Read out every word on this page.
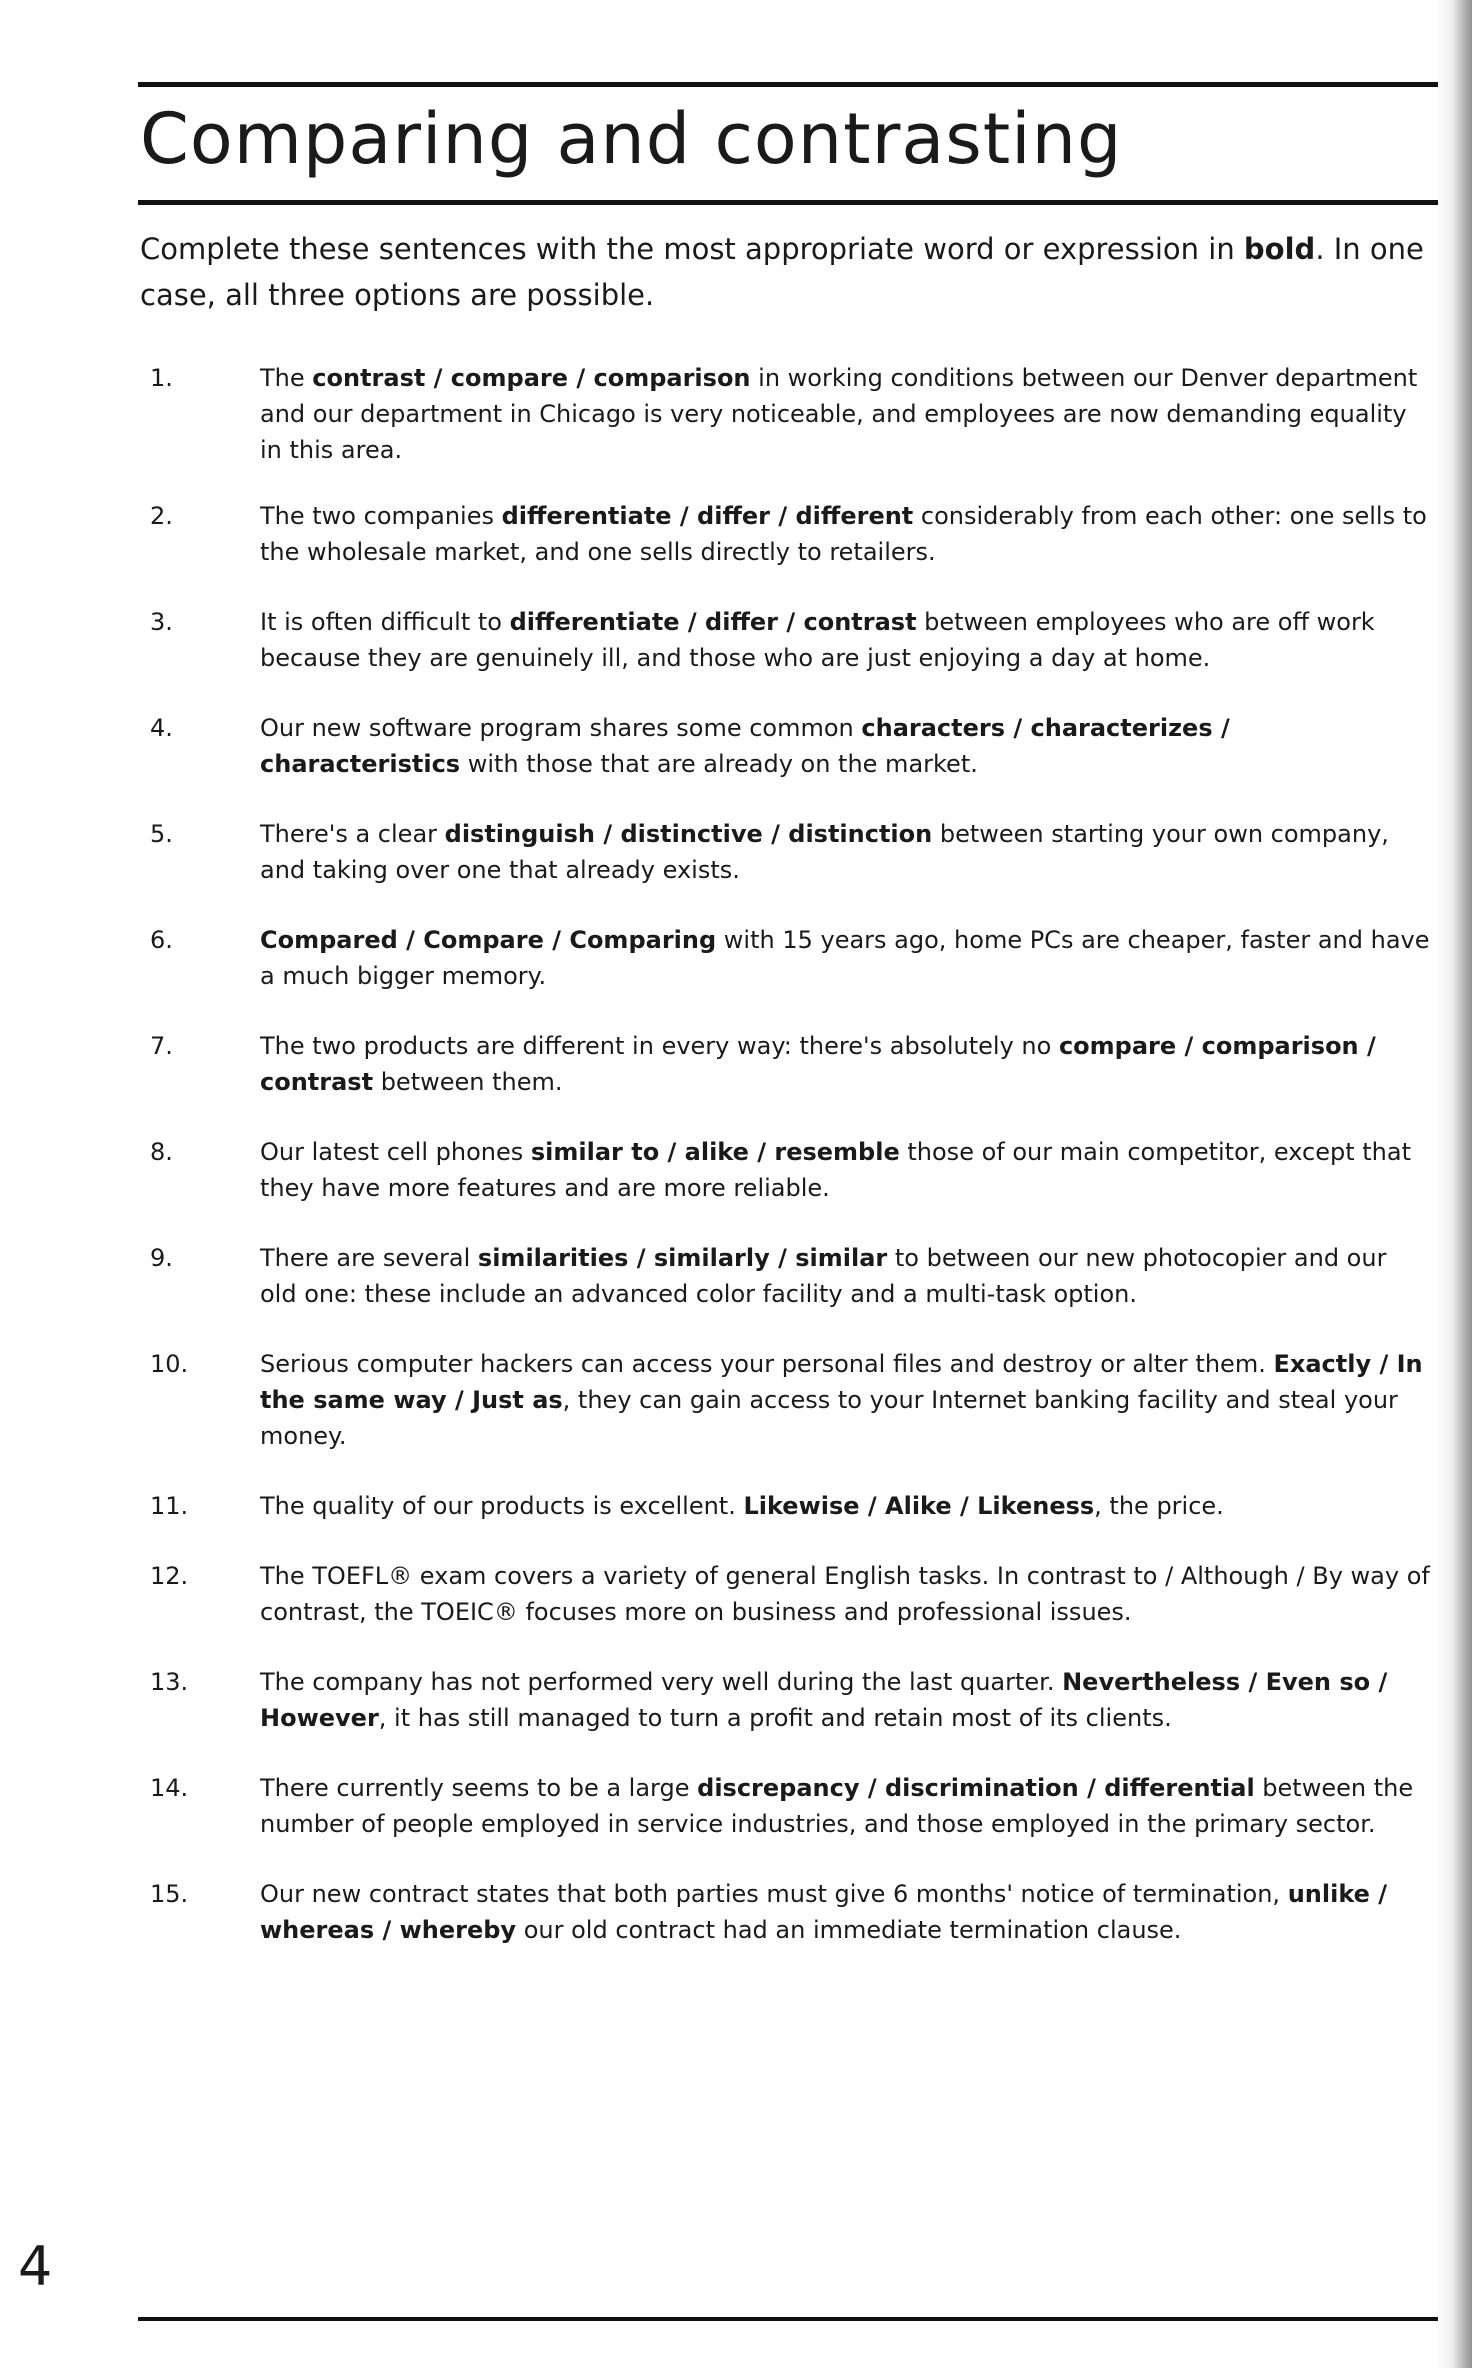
Comparing and contrasting

Complete these sentences with the most appropriate word or expression in bold. In one case, all three options are possible.

1.	The contrast / compare / comparison in working conditions between our Denver department and our department in Chicago is very noticeable, and employees are now demanding equality in this area.
2.	The two companies differentiate / differ / different considerably from each other: one sells to the wholesale market, and one sells directly to retailers.
3.	It is often difficult to differentiate / differ / contrast between employees who are off work because they are genuinely ill, and those who are just enjoying a day at home.
4.	Our new software program shares some common characters / characterizes / characteristics with those that are already on the market.
5.	There's a clear distinguish / distinctive / distinction between starting your own company, and taking over one that already exists.
6.	Compared / Compare / Comparing with 15 years ago, home PCs are cheaper, faster and have a much bigger memory.
7.	The two products are different in every way: there's absolutely no compare / comparison / contrast between them.
8.	Our latest cell phones similar to / alike / resemble those of our main competitor, except that they have more features and are more reliable.
9.	There are several similarities / similarly / similar to between our new photocopier and our old one: these include an advanced color facility and a multi-task option.
10.	Serious computer hackers can access your personal files and destroy or alter them. Exactly / In the same way / Just as, they can gain access to your Internet banking facility and steal your money.
11.	The quality of our products is excellent. Likewise / Alike / Likeness, the price.
12.	The TOEFL® exam covers a variety of general English tasks. In contrast to / Although / By way of contrast, the TOEIC® focuses more on business and professional issues.
13.	The company has not performed very well during the last quarter. Nevertheless / Even so / However, it has still managed to turn a profit and retain most of its clients.
14.	There currently seems to be a large discrepancy / discrimination / differential between the number of people employed in service industries, and those employed in the primary sector.
15.	Our new contract states that both parties must give 6 months' notice of termination, unlike / whereas / whereby our old contract had an immediate termination clause.

4
